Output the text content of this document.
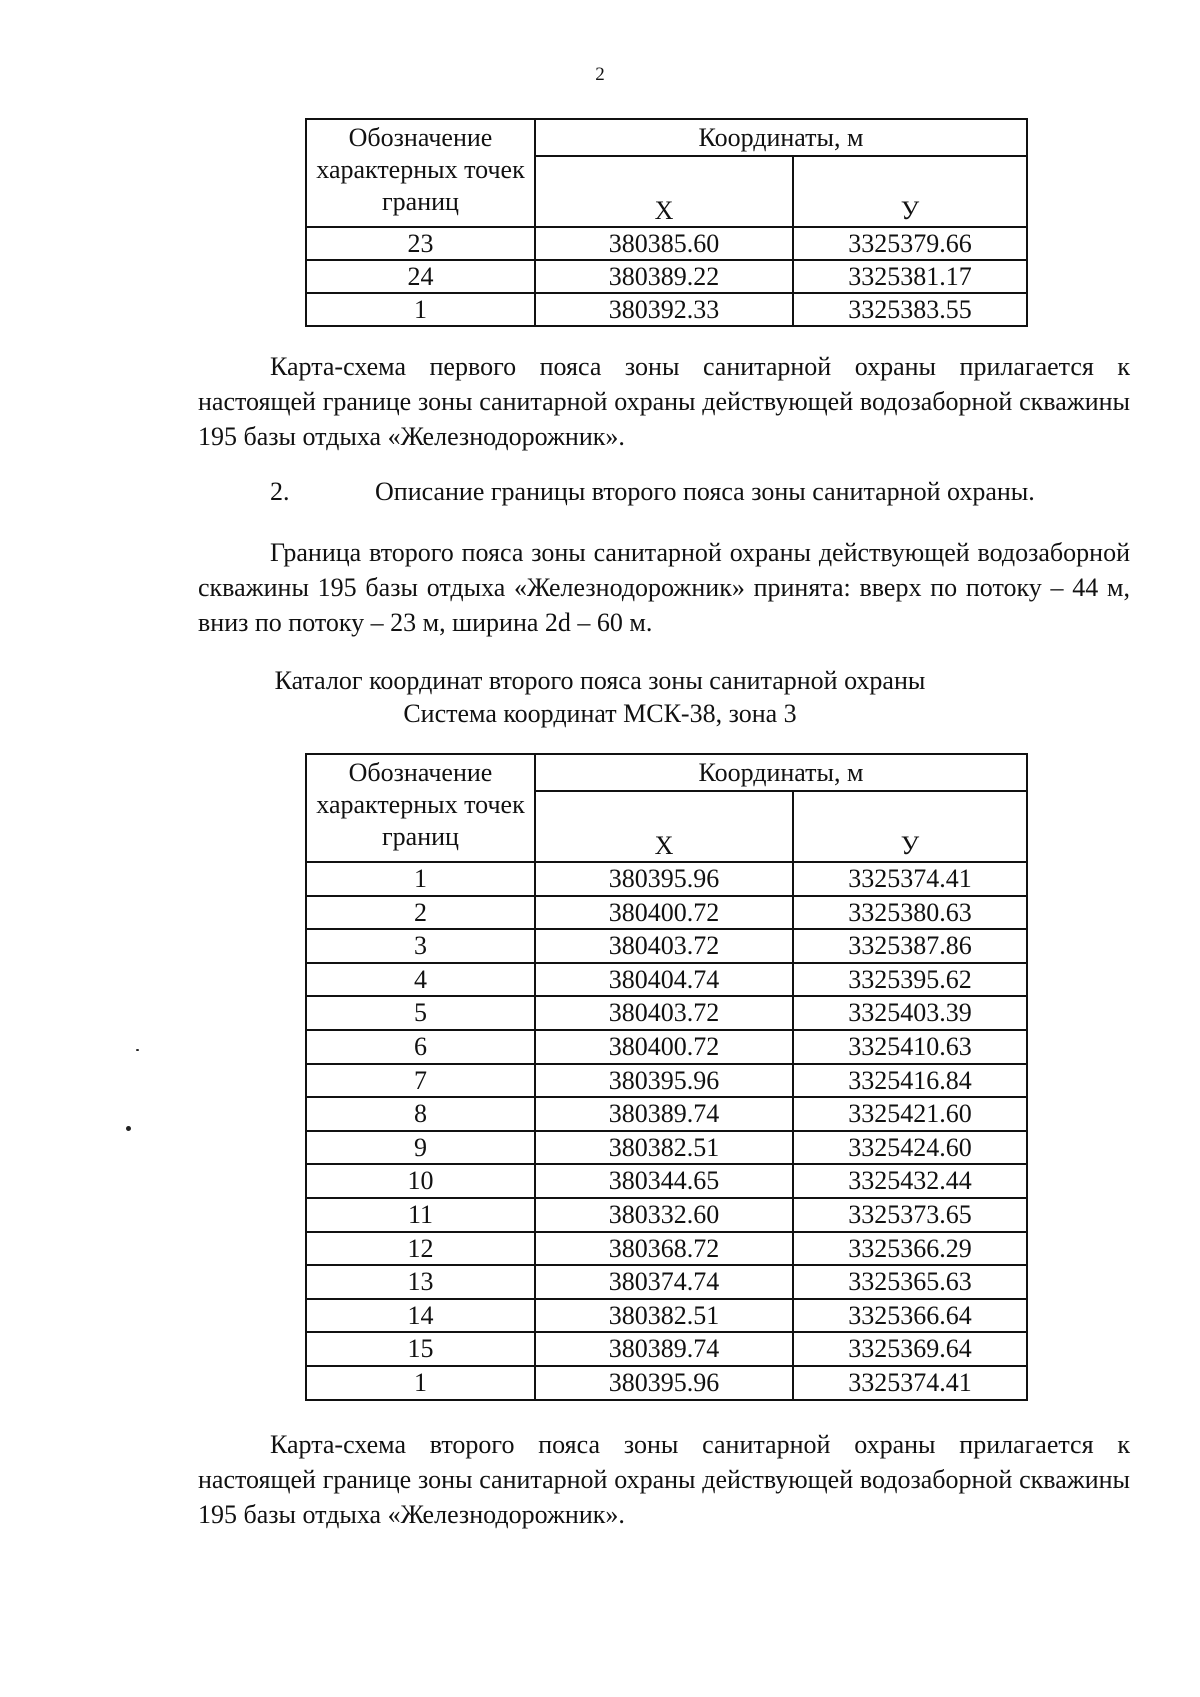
2
Обозначение характерных точек границ	Координаты, м	
	X	У
23	380385.60	3325379.66
24	380389.22	3325381.17
1	380392.33	3325383.55

Карта-схема первого пояса зоны санитарной охраны прилагается к настоящей границе зоны санитарной охраны действующей водозаборной скважины 195 базы отдыха «Железнодорожник».

2.	Описание границы второго пояса зоны санитарной охраны.

Граница второго пояса зоны санитарной охраны действующей водозаборной скважины 195 базы отдыха «Железнодорожник» принята: вверх по потоку – 44 м, вниз по потоку – 23 м, ширина 2d – 60 м.

Каталог координат второго пояса зоны санитарной охраны

Система координат МСК-38, зона 3

Обозначение характерных точек границ	Координаты, м	
	X	У
1	380395.96	3325374.41
2	380400.72	3325380.63
3	380403.72	3325387.86
4	380404.74	3325395.62
5	380403.72	3325403.39
6	380400.72	3325410.63
7	380395.96	3325416.84
8	380389.74	3325421.60
9	380382.51	3325424.60
10	380344.65	3325432.44
11	380332.60	3325373.65
12	380368.72	3325366.29
13	380374.74	3325365.63
14	380382.51	3325366.64
15	380389.74	3325369.64
1	380395.96	3325374.41

Карта-схема второго пояса зоны санитарной охраны прилагается к настоящей границе зоны санитарной охраны действующей водозаборной скважины 195 базы отдыха «Железнодорожник».
